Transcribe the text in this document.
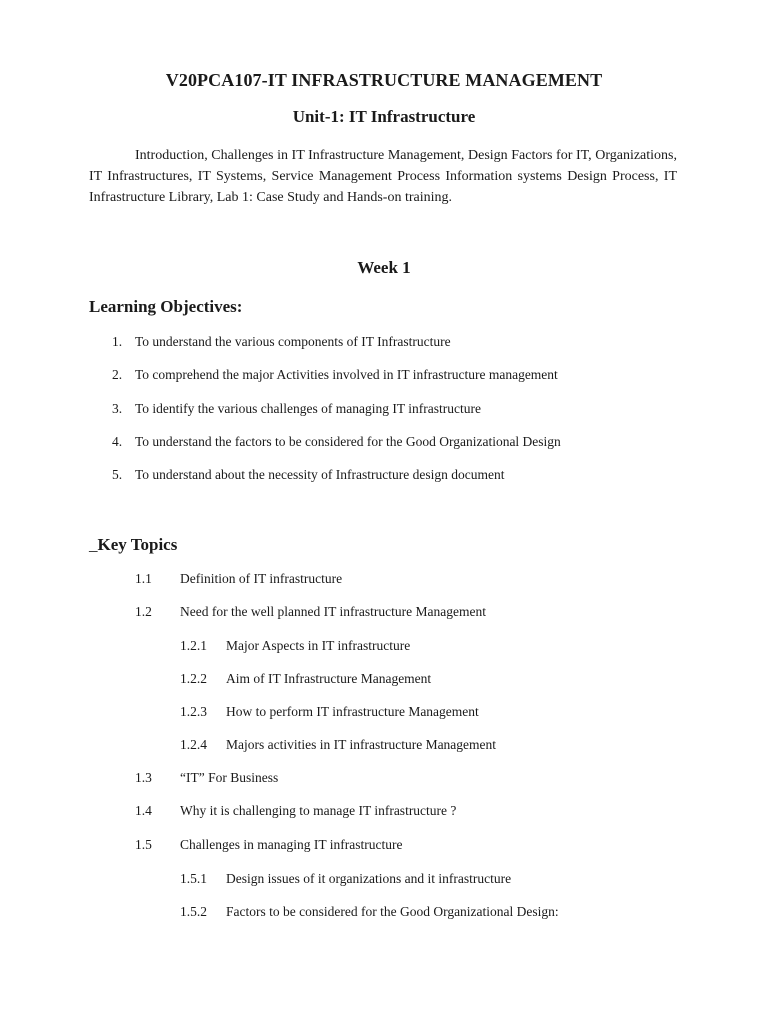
V20PCA107-IT INFRASTRUCTURE MANAGEMENT
Unit-1: IT Infrastructure

Introduction, Challenges in IT Infrastructure Management, Design Factors for IT, Organizations, IT Infrastructures, IT Systems, Service Management Process Information systems Design Process, IT Infrastructure Library, Lab 1: Case Study and Hands-on training.

Week 1
Learning Objectives:
1. To understand the various components of IT Infrastructure
2. To comprehend the major Activities involved in IT infrastructure management
3. To identify the various challenges of managing IT infrastructure
4. To understand the factors to be considered for the Good Organizational Design
5. To understand about the necessity of Infrastructure design document
_Key Topics
1.1 Definition of IT infrastructure
1.2 Need for the well planned IT infrastructure Management
1.2.1 Major Aspects in IT infrastructure
1.2.2 Aim of IT Infrastructure Management
1.2.3 How to perform IT infrastructure Management
1.2.4 Majors activities in IT infrastructure Management
1.3 “IT” For Business
1.4 Why it is challenging to manage IT infrastructure ?
1.5 Challenges in managing IT infrastructure
1.5.1 Design issues of it organizations and it infrastructure
1.5.2 Factors to be considered for the Good Organizational Design:
